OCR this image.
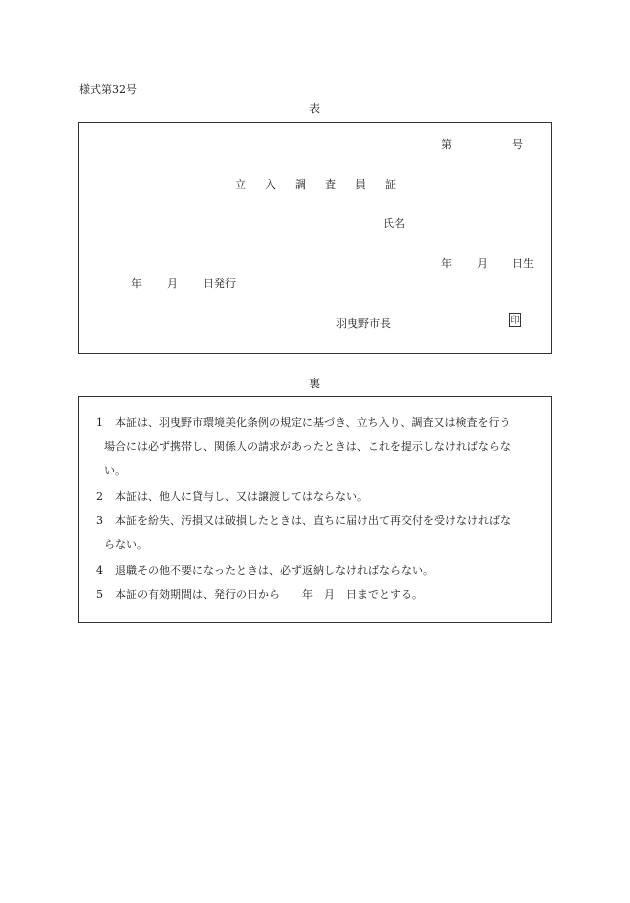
様式第32号
表
第	号
立 入 調 査 員 証
氏名
年 月 日生
年 月 日発行
羽曳野市長	印
裏
1	本証は、羽曳野市環境美化条例の規定に基づき、立ち入り、調査又は検査を行う
場合には必ず携帯し、関係人の請求があったときは、これを提示しなければならな
い。
2	本証は、他人に貸与し、又は譲渡してはならない。
3	本証を紛失、汚損又は破損したときは、直ちに届け出て再交付を受けなければな
らない。
4	退職その他不要になったときは、必ず返納しなければならない。
5	本証の有効期間は、発行の日から　　年　月　日までとする。
